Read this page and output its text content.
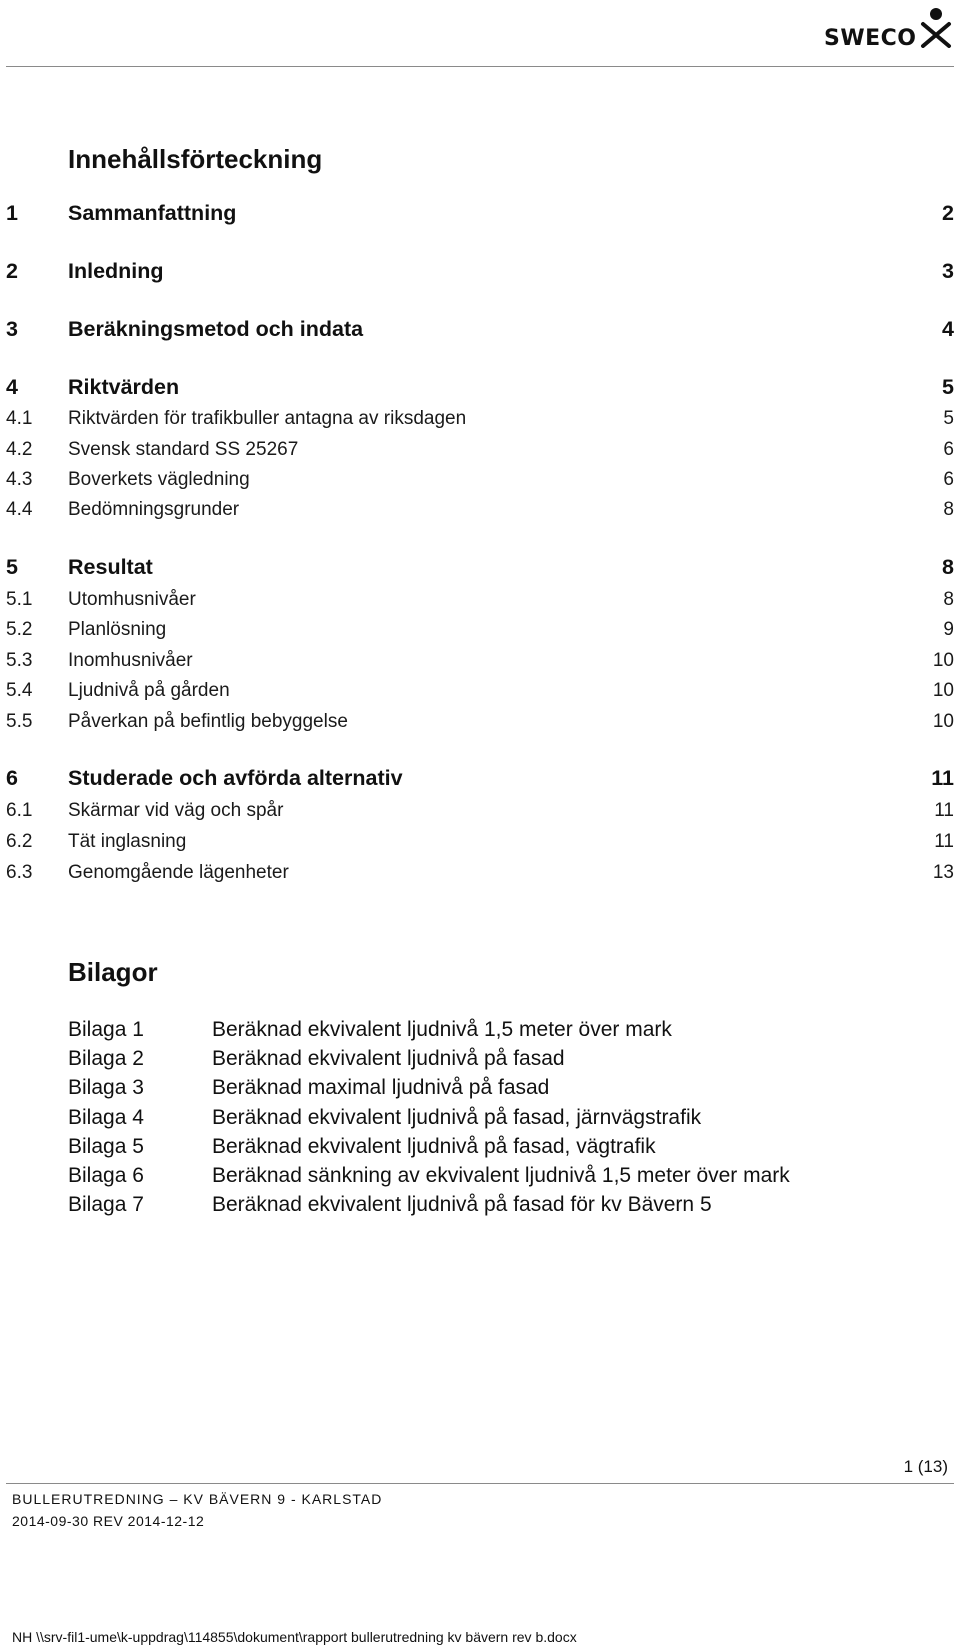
SWECO
Innehållsförteckning
1 Sammanfattning	2
2 Inledning	3
3 Beräkningsmetod och indata	4
4 Riktvärden	5
4.1 Riktvärden för trafikbuller antagna av riksdagen	5
4.2 Svensk standard SS 25267	6
4.3 Boverkets vägledning	6
4.4 Bedömningsgrunder	8
5 Resultat	8
5.1 Utomhusnivåer	8
5.2 Planlösning	9
5.3 Inomhusnivåer	10
5.4 Ljudnivå på gården	10
5.5 Påverkan på befintlig bebyggelse	10
6 Studerade och avförda alternativ	11
6.1 Skärmar vid väg och spår	11
6.2 Tät inglasning	11
6.3 Genomgående lägenheter	13
Bilagor
Bilaga 1	Beräknad ekvivalent ljudnivå 1,5 meter över mark
Bilaga 2	Beräknad ekvivalent ljudnivå på fasad
Bilaga 3	Beräknad maximal ljudnivå på fasad
Bilaga 4	Beräknad ekvivalent ljudnivå på fasad, järnvägstrafik
Bilaga 5	Beräknad ekvivalent ljudnivå på fasad, vägtrafik
Bilaga 6	Beräknad sänkning av ekvivalent ljudnivå 1,5 meter över mark
Bilaga 7	Beräknad ekvivalent ljudnivå på fasad för kv Bävern 5
1 (13)
BULLERUTREDNING – KV BÄVERN 9 - KARLSTAD
2014-09-30 REV 2014-12-12
NH \\srv-fil1-ume\k-uppdrag\114855\dokument\rapport bullerutredning kv bävern rev b.docx
